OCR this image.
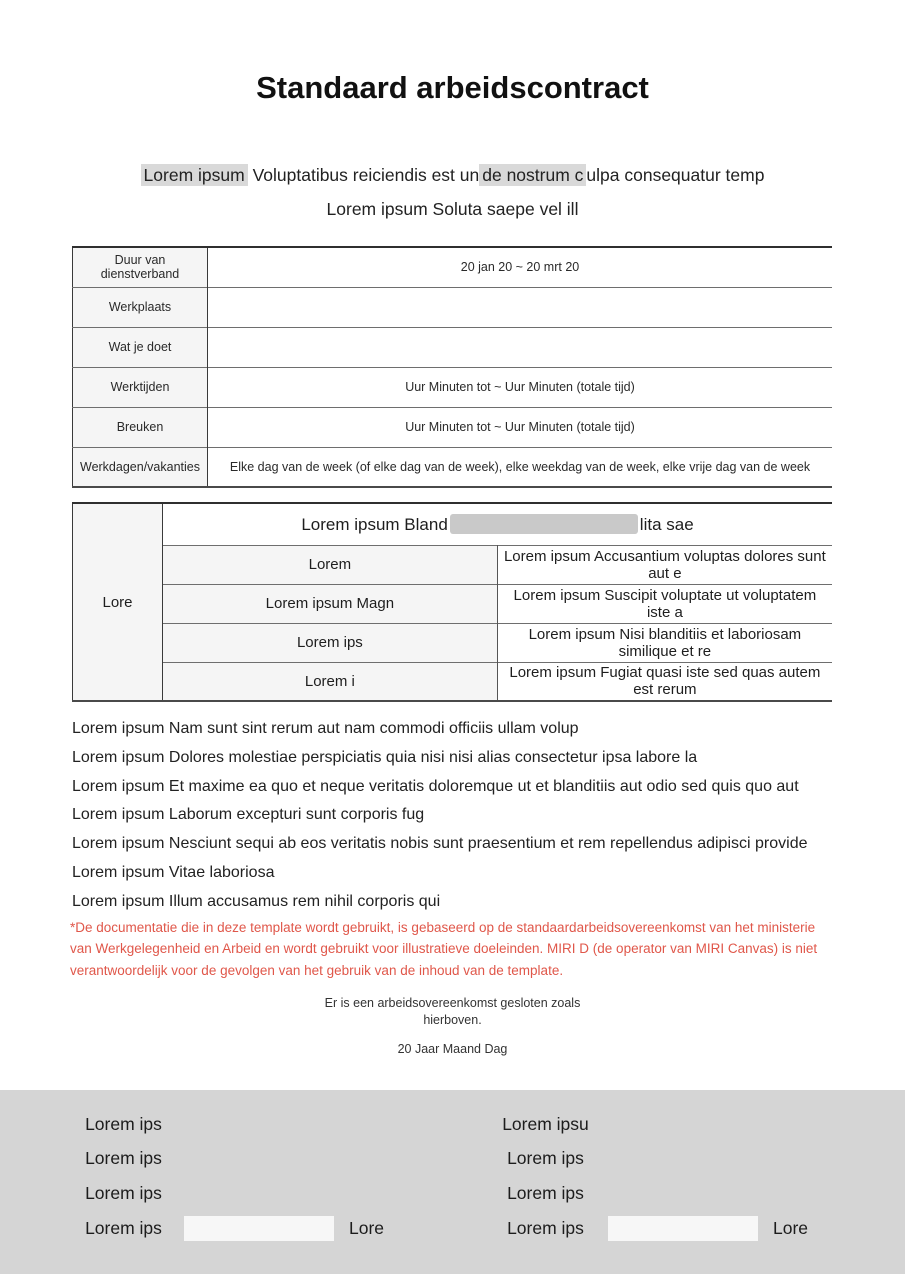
Standaard arbeidscontract
Lorem ipsum Voluptatibus reiciendis est un de nostrum c ulpa consequatur temp
Lorem ipsum Soluta saepe vel ill
Duur van dienstverband	20 jan 20 ~ 20 mrt 20
Werkplaats	
Wat je doet	
Werktijden	Uur Minuten tot ~ Uur Minuten (totale tijd)
Breuken	Uur Minuten tot ~ Uur Minuten (totale tijd)
Werkdagen/vakanties	Elke dag van de week (of elke dag van de week), elke weekdag van de week, elke vrije dag van de week
Lore	Lorem ipsum Bland lita sae	
	Lorem	Lorem ipsum Accusantium voluptas dolores sunt aut e
	Lorem ipsum Magn	Lorem ipsum Suscipit voluptate ut voluptatem iste a
	Lorem ips	Lorem ipsum Nisi blanditiis et laboriosam similique et re
	Lorem i	Lorem ipsum Fugiat quasi iste sed quas autem est rerum

Lorem ipsum Nam sunt sint rerum aut nam commodi officiis ullam volup

Lorem ipsum Dolores molestiae perspiciatis quia nisi nisi alias consectetur ipsa labore la

Lorem ipsum Et maxime ea quo et neque veritatis doloremque ut et blanditiis aut odio sed quis quo aut

Lorem ipsum Laborum excepturi sunt corporis fug

Lorem ipsum Nesciunt sequi ab eos veritatis nobis sunt praesentium et rem repellendus adipisci provide

Lorem ipsum Vitae laboriosa

Lorem ipsum Illum accusamus rem nihil corporis qui

*De documentatie die in deze template wordt gebruikt, is gebaseerd op de standaardarbeidsovereenkomst van het ministerie van Werkgelegenheid en Arbeid en wordt gebruikt voor illustratieve doeleinden. MIRI D (de operator van MIRI Canvas) is niet verantwoordelijk voor de gevolgen van het gebruik van de inhoud van de template.
Er is een arbeidsovereenkomst gesloten zoals hierboven.
20 Jaar Maand Dag
Lorem ips
Lorem ips
Lorem ips
Lorem ips	Lore
Lorem ipsu
Lorem ips
Lorem ips
Lorem ips	Lore
